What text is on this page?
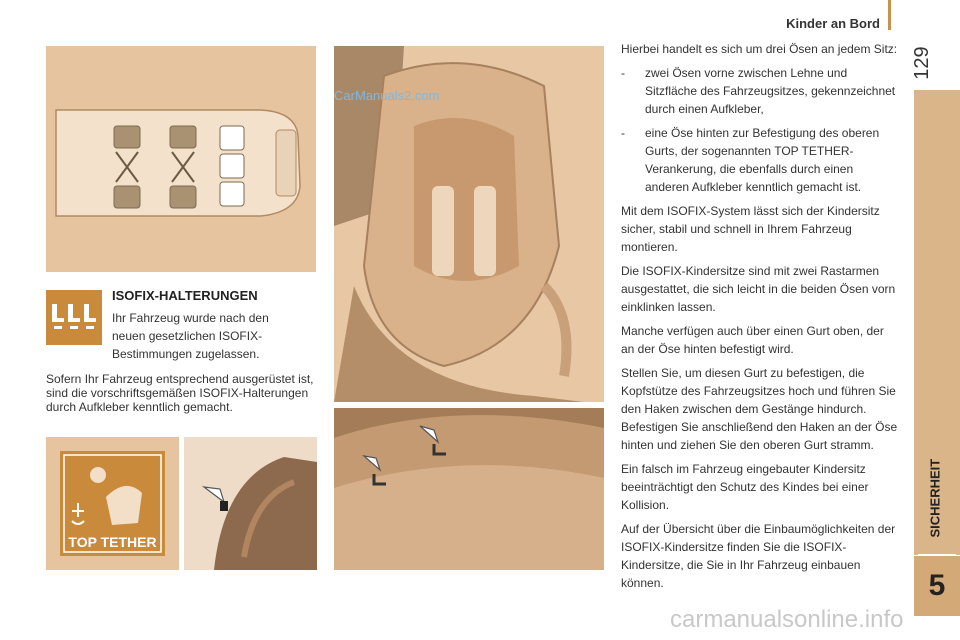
Kinder an Bord
129
SICHERHEIT
5
ISOFIX-HALTERUNGEN
Ihr Fahrzeug wurde nach den neuen gesetzlichen ISOFIX-Bestimmungen zugelassen.
Sofern Ihr Fahrzeug entsprechend ausgerüstet ist, sind die vorschriftsgemäßen ISOFIX-Halterungen durch Aufkleber kenntlich gemacht.
TOP TETHER

Hierbei handelt es sich um drei Ösen an jedem Sitz:

-	zwei Ösen vorne zwischen Lehne und Sitzfläche des Fahrzeugsitzes, gekennzeichnet durch einen Aufkleber,
-	eine Öse hinten zur Befestigung des oberen Gurts, der sogenannten TOP TETHER-Verankerung, die ebenfalls durch einen anderen Aufkleber kenntlich gemacht ist.

Mit dem ISOFIX-System lässt sich der Kindersitz sicher, stabil und schnell in Ihrem Fahrzeug montieren.

Die ISOFIX-Kindersitze sind mit zwei Rastarmen ausgestattet, die sich leicht in die beiden Ösen vorn einklinken lassen.

Manche verfügen auch über einen Gurt oben, der an der Öse hinten befestigt wird.

Stellen Sie, um diesen Gurt zu befestigen, die Kopfstütze des Fahrzeugsitzes hoch und führen Sie den Haken zwischen dem Gestänge hindurch. Befestigen Sie anschließend den Haken an der Öse hinten und ziehen Sie den oberen Gurt stramm.

Ein falsch im Fahrzeug eingebauter Kindersitz beeinträchtigt den Schutz des Kindes bei einer Kollision.

Auf der Übersicht über die Einbaumöglichkeiten der ISOFIX-Kindersitze finden Sie die ISOFIX-Kindersitze, die Sie in Ihr Fahrzeug einbauen können.

CarManuals2.com
carmanualsonline.info
